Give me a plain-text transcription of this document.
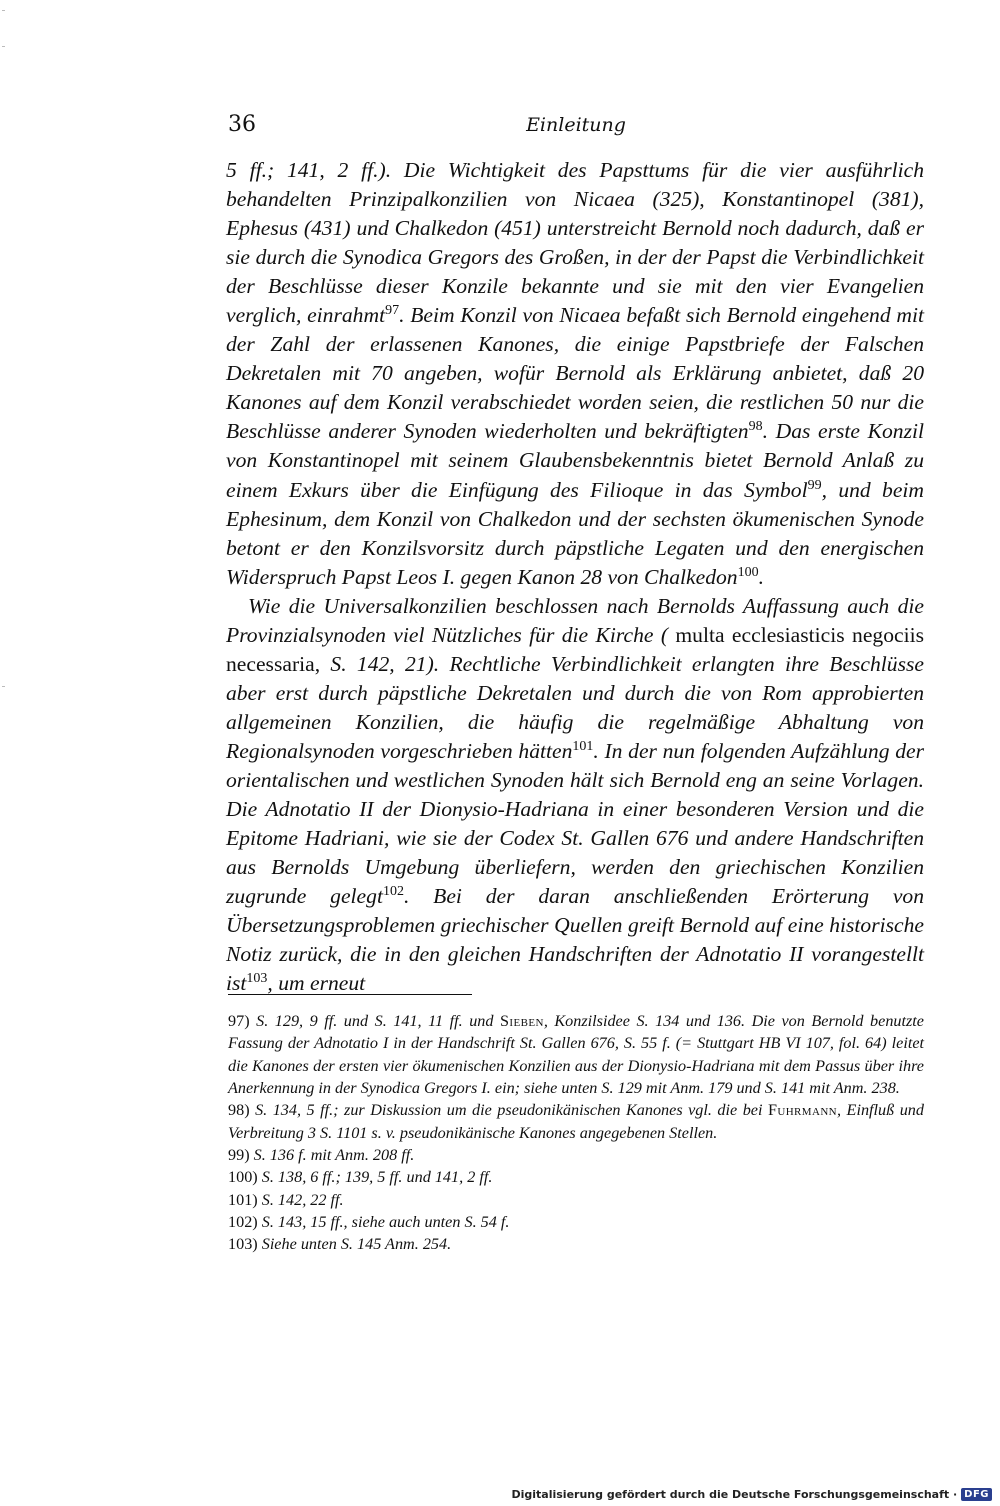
36	Einleitung

5 ff.; 141, 2 ff.). Die Wichtigkeit des Papsttums für die vier ausführlich behandelten Prinzipalkonzilien von Nicaea (325), Konstantinopel (381), Ephesus (431) und Chalkedon (451) unterstreicht Bernold noch dadurch, daß er sie durch die Synodica Gregors des Großen, in der der Papst die Verbindlichkeit der Beschlüsse dieser Konzile bekannte und sie mit den vier Evangelien verglich, einrahmt$^{97}$. Beim Konzil von Nicaea befaßt sich Bernold eingehend mit der Zahl der erlassenen Kanones, die einige Papstbriefe der Falschen Dekretalen mit 70 angeben, wofür Bernold als Erklärung anbietet, daß 20 Kanones auf dem Konzil verabschiedet worden seien, die restlichen 50 nur die Beschlüsse anderer Synoden wiederholten und bekräftigten$^{98}$. Das erste Konzil von Konstantinopel mit seinem Glaubensbekenntnis bietet Bernold Anlaß zu einem Exkurs über die Einfügung des Filioque in das Symbol$^{99}$, und beim Ephesinum, dem Konzil von Chalkedon und der sechsten ökumenischen Synode betont er den Konzilsvorsitz durch päpstliche Legaten und den energischen Widerspruch Papst Leos I. gegen Kanon 28 von Chalkedon$^{100}$.

Wie die Universalkonzilien beschlossen nach Bernolds Auffassung auch die Provinzialsynoden viel Nützliches für die Kirche ( multa ecclesiasticis negociis necessaria, S. 142, 21). Rechtliche Verbindlichkeit erlangten ihre Beschlüsse aber erst durch päpstliche Dekretalen und durch die von Rom approbierten allgemeinen Konzilien, die häufig die regelmäßige Abhaltung von Regionalsynoden vorgeschrieben hätten$^{101}$. In der nun folgenden Aufzählung der orientalischen und westlichen Synoden hält sich Bernold eng an seine Vorlagen. Die Adnotatio II der Dionysio-Hadriana in einer besonderen Version und die Epitome Hadriani, wie sie der Codex St. Gallen 676 und andere Handschriften aus Bernolds Umgebung überliefern, werden den griechischen Konzilien zugrunde gelegt$^{102}$. Bei der daran anschließenden Erörterung von Übersetzungsproblemen griechischer Quellen greift Bernold auf eine historische Notiz zurück, die in den gleichen Handschriften der Adnotatio II vorangestellt ist$^{103}$, um erneut

97) S. 129, 9 ff. und S. 141, 11 ff. und Sieben, Konzilsidee S. 134 und 136. Die von Bernold benutzte Fassung der Adnotatio I in der Handschrift St. Gallen 676, S. 55 f. (= Stuttgart HB VI 107, fol. 64) leitet die Kanones der ersten vier ökumenischen Konzilien aus der Dionysio-Hadriana mit dem Passus über ihre Anerkennung in der Synodica Gregors I. ein; siehe unten S. 129 mit Anm. 179 und S. 141 mit Anm. 238.

98) S. 134, 5 ff.; zur Diskussion um die pseudonikänischen Kanones vgl. die bei Fuhrmann, Einfluß und Verbreitung 3 S. 1101 s. v. pseudonikänische Kanones angegebenen Stellen.

99) S. 136 f. mit Anm. 208 ff.

100) S. 138, 6 ff.; 139, 5 ff. und 141, 2 ff.

101) S. 142, 22 ff.

102) S. 143, 15 ff., siehe auch unten S. 54 f.

103) Siehe unten S. 145 Anm. 254.

Digitalisierung gefördert durch die Deutsche Forschungsgemeinschaft · DFG
